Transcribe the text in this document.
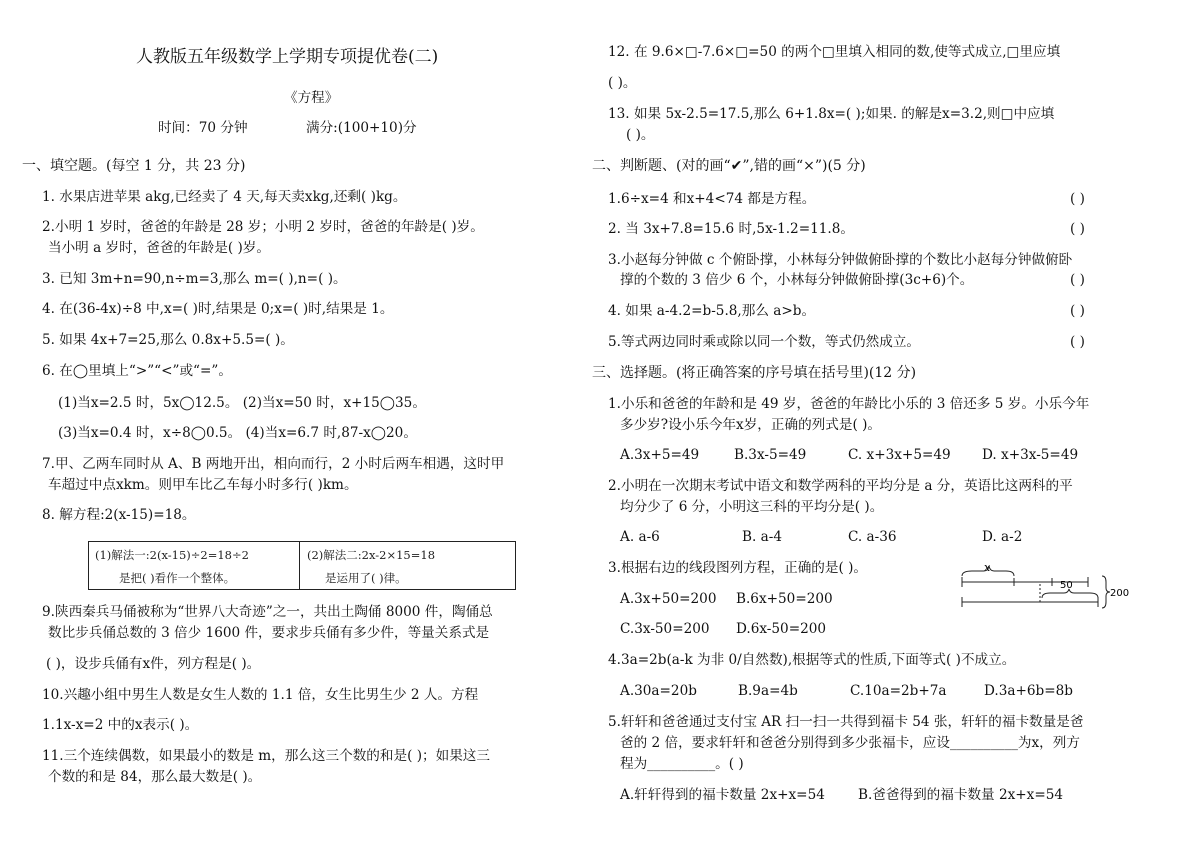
人教版五年级数学上学期专项提优卷(二)
《方程》
时间：70 分钟	满分:(100+10)分
一、填空题。(每空 1 分，共 23 分)
1. 水果店进苹果 akg,已经卖了 4 天,每天卖xkg,还剩( )kg。
2.小明 1 岁时，爸爸的年龄是 28 岁；小明 2 岁时，爸爸的年龄是( )岁。
当小明 a 岁时，爸爸的年龄是( )岁。
3. 已知 3m+n=90,n÷m=3,那么 m=( ),n=( )。
4. 在(36-4x)÷8 中,x=( )时,结果是 0;x=( )时,结果是 1。
5. 如果 4x+7=25,那么 0.8x+5.5=( )。
6. 在◯里填上“>”“<”或“=”。
(1)当x=2.5 时，5x◯12.5。 (2)当x=50 时，x+15◯35。
(3)当x=0.4 时，x÷8◯0.5。 (4)当x=6.7 时,87-x◯20。
7.甲、乙两车同时从 A、B 两地开出，相向而行，2 小时后两车相遇，这时甲
车超过中点xkm。则甲车比乙车每小时多行( )km。
8. 解方程:2(x-15)=18。
9.陕西秦兵马俑被称为“世界八大奇迹”之一，共出土陶俑 8000 件，陶俑总
数比步兵俑总数的 3 倍少 1600 件，要求步兵俑有多少件，等量关系式是
( )，设步兵俑有x件，列方程是( )。
10.兴趣小组中男生人数是女生人数的 1.1 倍，女生比男生少 2 人。方程
1.1x-x=2 中的x表示( )。
11.三个连续偶数，如果最小的数是 m，那么这三个数的和是( )；如果这三
个数的和是 84，那么最大数是( )。
(1)解法一:2(x-15)÷2=18÷2
是把( )看作一个整体。
(2)解法二:2x-2×15=18
是运用了( )律。
12. 在 9.6×□-7.6×□=50 的两个□里填入相同的数,使等式成立,□里应填
( )。
13. 如果 5x-2.5=17.5,那么 6+1.8x=( );如果. 的解是x=3.2,则□中应填
( )。
二、判断题、(对的画“✔”,错的画“×”)(5 分)
1.6÷x=4 和x+4<74 都是方程。	( )
2. 当 3x+7.8=15.6 时,5x-1.2=11.8。	( )
3.小赵每分钟做 c 个俯卧撑，小林每分钟做俯卧撑的个数比小赵每分钟做俯卧
撑的个数的 3 倍少 6 个，小林每分钟做俯卧撑(3c+6)个。	( )
4. 如果 a-4.2=b-5.8,那么 a>b。	( )
5.等式两边同时乘或除以同一个数，等式仍然成立。	( )
三、选择题。(将正确答案的序号填在括号里)(12 分)
1.小乐和爸爸的年龄和是 49 岁，爸爸的年龄比小乐的 3 倍还多 5 岁。小乐今年
多少岁?设小乐今年x岁，正确的列式是( )。
A.3x+5=49	B.3x-5=49	C. x+3x+5=49 D. x+3x-5=49
2.小明在一次期末考试中语文和数学两科的平均分是 a 分，英语比这两科的平
均分少了 6 分，小明这三科的平均分是( )。
A. a-6	B. a-4	C. a-36	D. a-2
3.根据右边的线段图列方程，正确的是( )。
A.3x+50=200 B.6x+50=200
C.3x-50=200 D.6x-50=200
x
50
200
4.3a=2b(a-k 为非 0/自然数),根据等式的性质,下面等式( )不成立。
A.30a=20b	B.9a=4b	C.10a=2b+7a	D.3a+6b=8b
5.轩轩和爸爸通过支付宝 AR 扫一扫一共得到福卡 54 张，轩轩的福卡数量是爸
爸的 2 倍，要求轩轩和爸爸分别得到多少张福卡，应设__________为x，列方
程为__________。( )
A.轩轩得到的福卡数量 2x+x=54 B.爸爸得到的福卡数量 2x+x=54
